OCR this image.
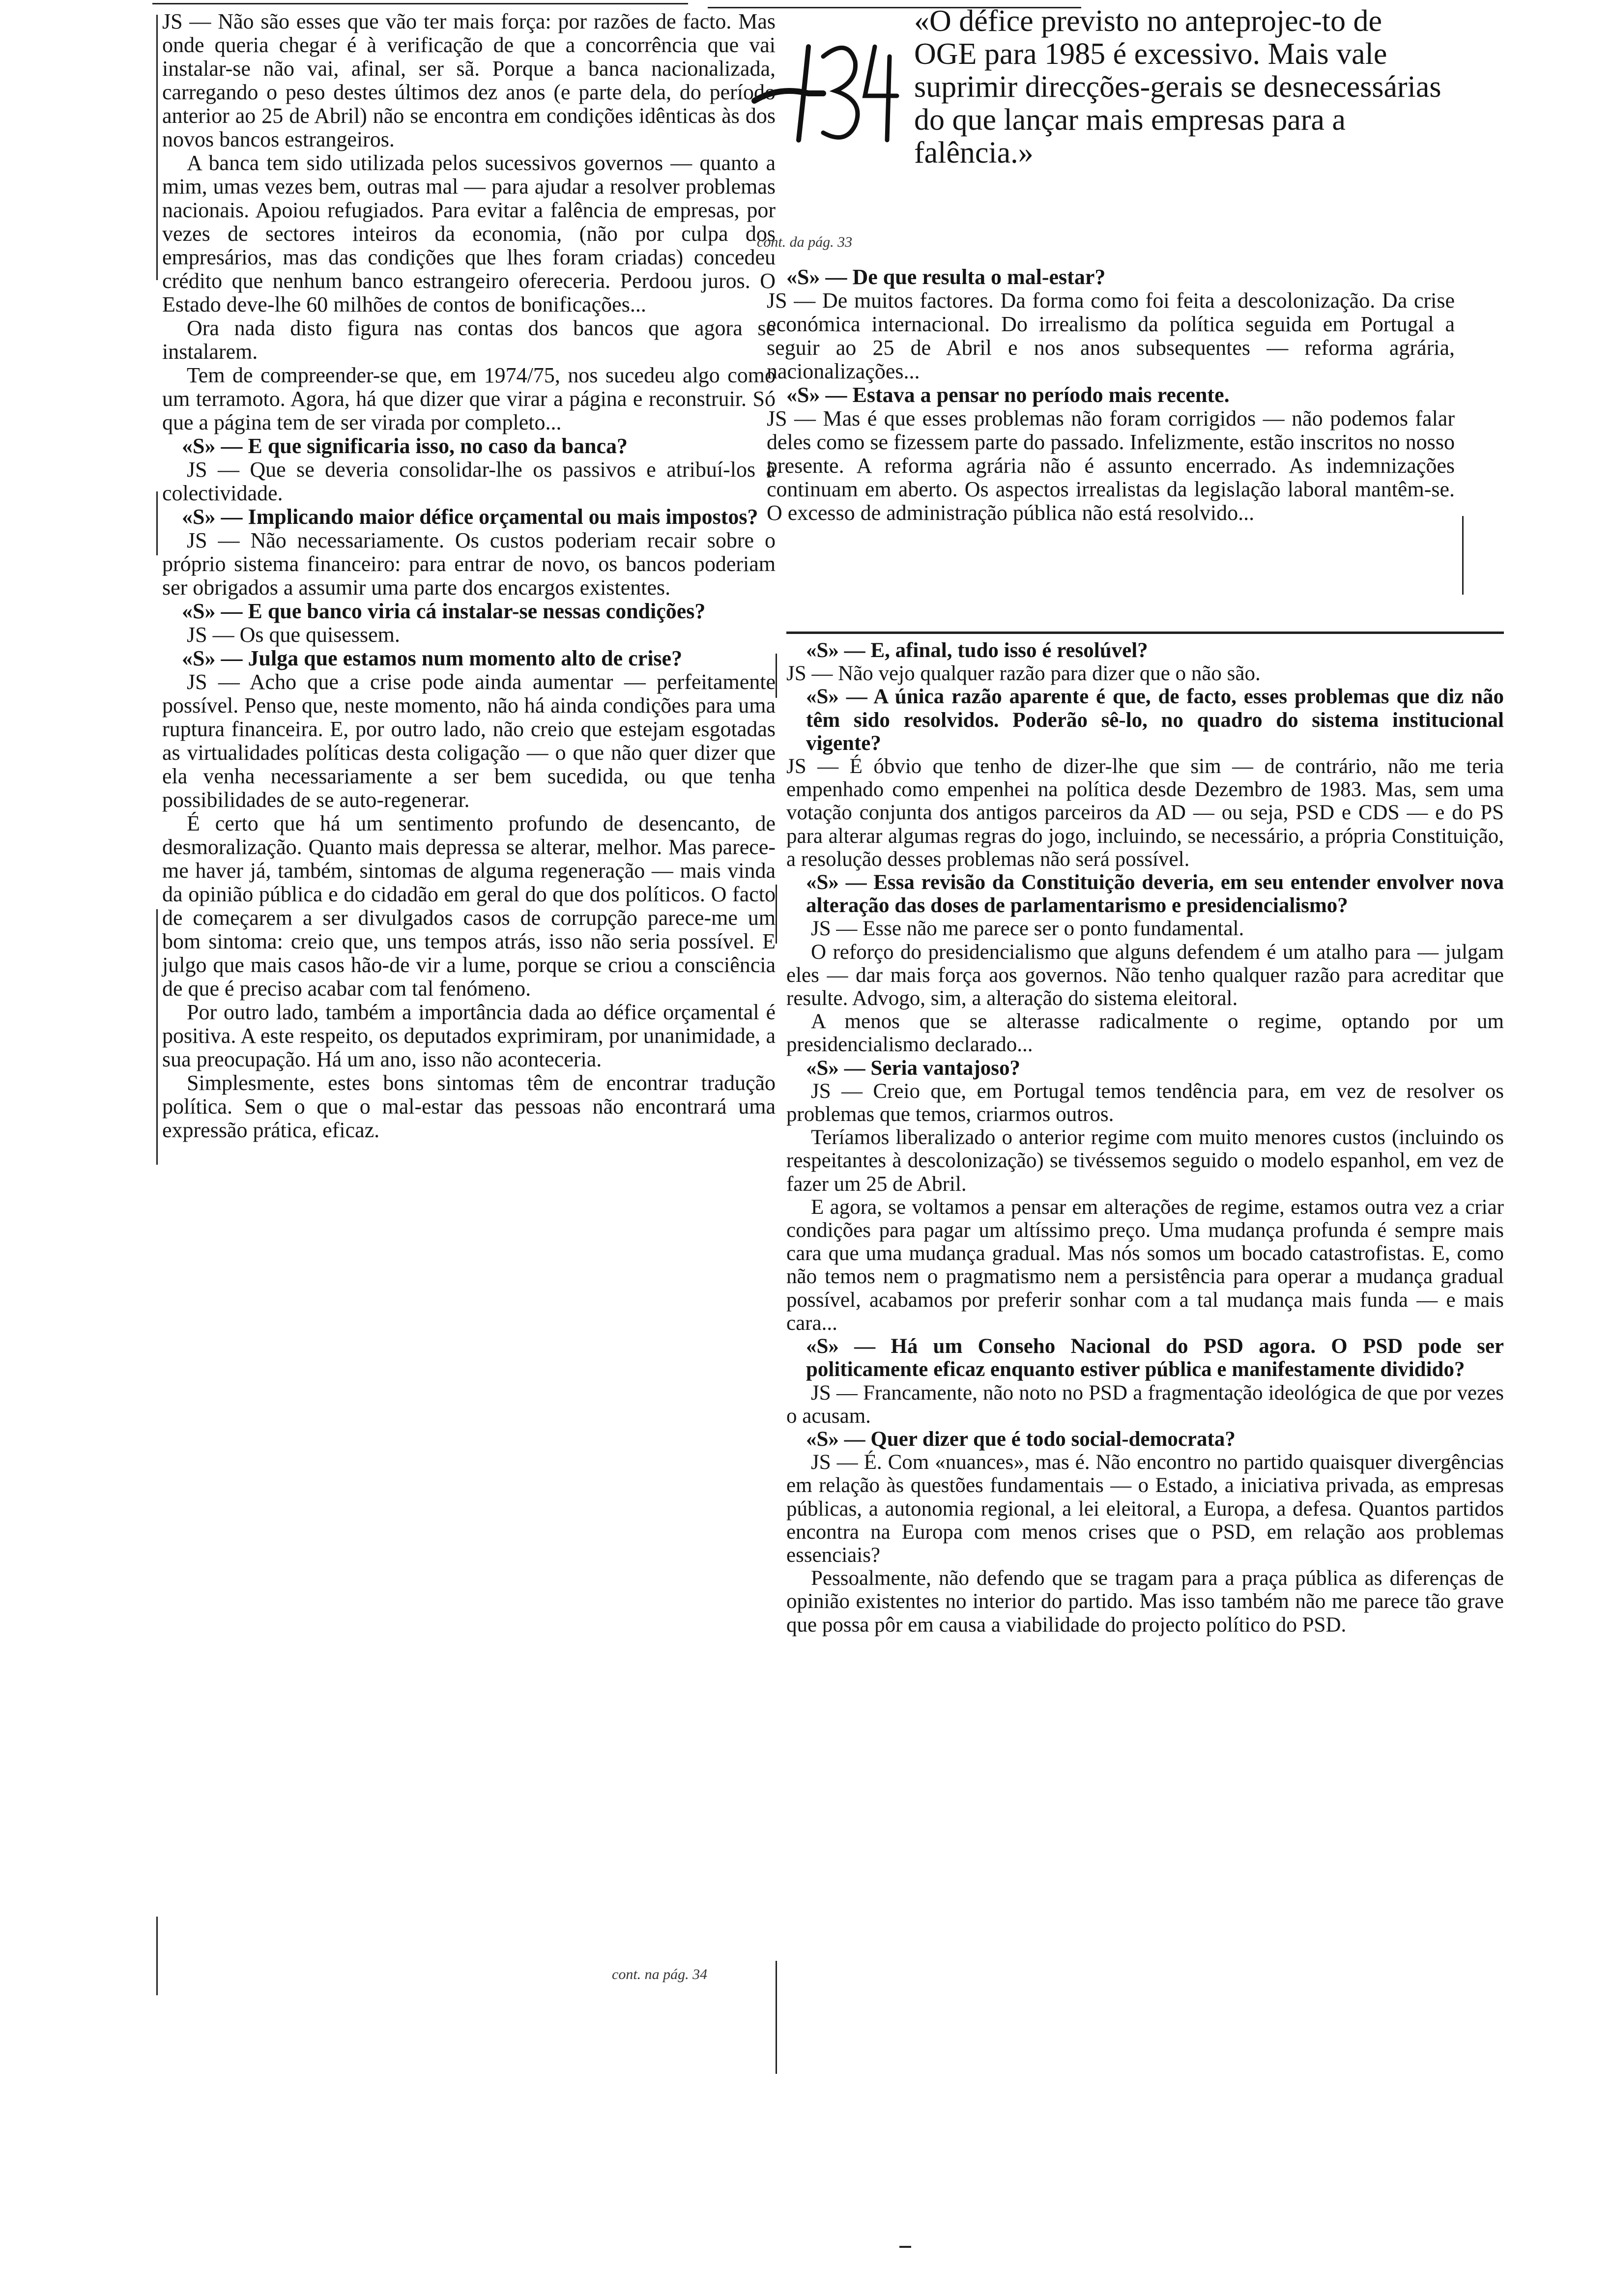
«O défice previsto no anteprojec-to de OGE para 1985 é excessivo. Mais vale suprimir direcções-gerais se desnecessárias do que lançar mais empresas para a falência.»
cont. da pág. 33
cont. na pág. 34

JS — Não são esses que vão ter mais força: por razões de facto. Mas onde queria chegar é à verificação de que a concorrência que vai instalar-se não vai, afinal, ser sã. Porque a banca nacionalizada, carregando o peso destes últimos dez anos (e parte dela, do período anterior ao 25 de Abril) não se encontra em condições idênticas às dos novos bancos estrangeiros.

A banca tem sido utilizada pelos sucessivos governos — quanto a mim, umas vezes bem, outras mal — para ajudar a resolver problemas nacionais. Apoiou refugiados. Para evitar a falência de empresas, por vezes de sectores inteiros da economia, (não por culpa dos empresários, mas das condições que lhes foram criadas) concedeu crédito que nenhum banco estrangeiro ofereceria. Perdoou juros. O Estado deve-lhe 60 milhões de contos de bonificações...

Ora nada disto figura nas contas dos bancos que agora se instalarem.

Tem de compreender-se que, em 1974/75, nos sucedeu algo como um terramoto. Agora, há que dizer que virar a página e reconstruir. Só que a página tem de ser virada por completo...

«S» — E que significaria isso, no caso da banca?

JS — Que se deveria consolidar-lhe os passivos e atribuí-los à colectividade.

«S» — Implicando maior défice orçamental ou mais impostos?

JS — Não necessariamente. Os custos poderiam recair sobre o próprio sistema financeiro: para entrar de novo, os bancos poderiam ser obrigados a assumir uma parte dos encargos existentes.

«S» — E que banco viria cá instalar-se nessas condições?

JS — Os que quisessem.

«S» — Julga que estamos num momento alto de crise?

JS — Acho que a crise pode ainda aumentar — perfeitamente possível. Penso que, neste momento, não há ainda condições para uma ruptura financeira. E, por outro lado, não creio que estejam esgotadas as virtualidades políticas desta coligação — o que não quer dizer que ela venha necessariamente a ser bem sucedida, ou que tenha possibilidades de se auto-regenerar.

É certo que há um sentimento profundo de desencanto, de desmoralização. Quanto mais depressa se alterar, melhor. Mas parece-me haver já, também, sintomas de alguma regeneração — mais vinda da opinião pública e do cidadão em geral do que dos políticos. O facto de começarem a ser divulgados casos de corrupção parece-me um bom sintoma: creio que, uns tempos atrás, isso não seria possível. E julgo que mais casos hão-de vir a lume, porque se criou a consciência de que é preciso acabar com tal fenómeno.

Por outro lado, também a importância dada ao défice orçamental é positiva. A este respeito, os deputados exprimiram, por unanimidade, a sua preocupação. Há um ano, isso não aconteceria.

Simplesmente, estes bons sintomas têm de encontrar tradução política. Sem o que o mal-estar das pessoas não encontrará uma expressão prática, eficaz.

«S» — De que resulta o mal-estar?

JS — De muitos factores. Da forma como foi feita a descolonização. Da crise económica internacional. Do irrealismo da política seguida em Portugal a seguir ao 25 de Abril e nos anos subsequentes — reforma agrária, nacionalizações...

«S» — Estava a pensar no período mais recente.

JS — Mas é que esses problemas não foram corrigidos — não podemos falar deles como se fizessem parte do passado. Infelizmente, estão inscritos no nosso presente. A reforma agrária não é assunto encerrado. As indemnizações continuam em aberto. Os aspectos irrealistas da legislação laboral mantêm-se. O excesso de administração pública não está resolvido...

«S» — E, afinal, tudo isso é resolúvel?

JS — Não vejo qualquer razão para dizer que o não são.

«S» — A única razão aparente é que, de facto, esses problemas que diz não têm sido resolvidos. Poderão sê-lo, no quadro do sistema institucional vigente?

JS — É óbvio que tenho de dizer-lhe que sim — de contrário, não me teria empenhado como empenhei na política desde Dezembro de 1983. Mas, sem uma votação conjunta dos antigos parceiros da AD — ou seja, PSD e CDS — e do PS para alterar algumas regras do jogo, incluindo, se necessário, a própria Constituição, a resolução desses problemas não será possível.

«S» — Essa revisão da Constituição deveria, em seu entender envolver nova alteração das doses de parlamentarismo e presidencialismo?

JS — Esse não me parece ser o ponto fundamental.

O reforço do presidencialismo que alguns defendem é um atalho para — julgam eles — dar mais força aos governos. Não tenho qualquer razão para acreditar que resulte. Advogo, sim, a alteração do sistema eleitoral.

A menos que se alterasse radicalmente o regime, optando por um presidencialismo declarado...

«S» — Seria vantajoso?

JS — Creio que, em Portugal temos tendência para, em vez de resolver os problemas que temos, criarmos outros.

Teríamos liberalizado o anterior regime com muito menores custos (incluindo os respeitantes à descolonização) se tivéssemos seguido o modelo espanhol, em vez de fazer um 25 de Abril.

E agora, se voltamos a pensar em alterações de regime, estamos outra vez a criar condições para pagar um altíssimo preço. Uma mudança profunda é sempre mais cara que uma mudança gradual. Mas nós somos um bocado catastrofistas. E, como não temos nem o pragmatismo nem a persistência para operar a mudança gradual possível, acabamos por preferir sonhar com a tal mudança mais funda — e mais cara...

«S» — Há um Conseho Nacional do PSD agora. O PSD pode ser politicamente eficaz enquanto estiver pública e manifestamente dividido?

JS — Francamente, não noto no PSD a fragmentação ideológica de que por vezes o acusam.

«S» — Quer dizer que é todo social-democrata?

JS — É. Com «nuances», mas é. Não encontro no partido quaisquer divergências em relação às questões fundamentais — o Estado, a iniciativa privada, as empresas públicas, a autonomia regional, a lei eleitoral, a Europa, a defesa. Quantos partidos encontra na Europa com menos crises que o PSD, em relação aos problemas essenciais?

Pessoalmente, não defendo que se tragam para a praça pública as diferenças de opinião existentes no interior do partido. Mas isso também não me parece tão grave que possa pôr em causa a viabilidade do projecto político do PSD.
